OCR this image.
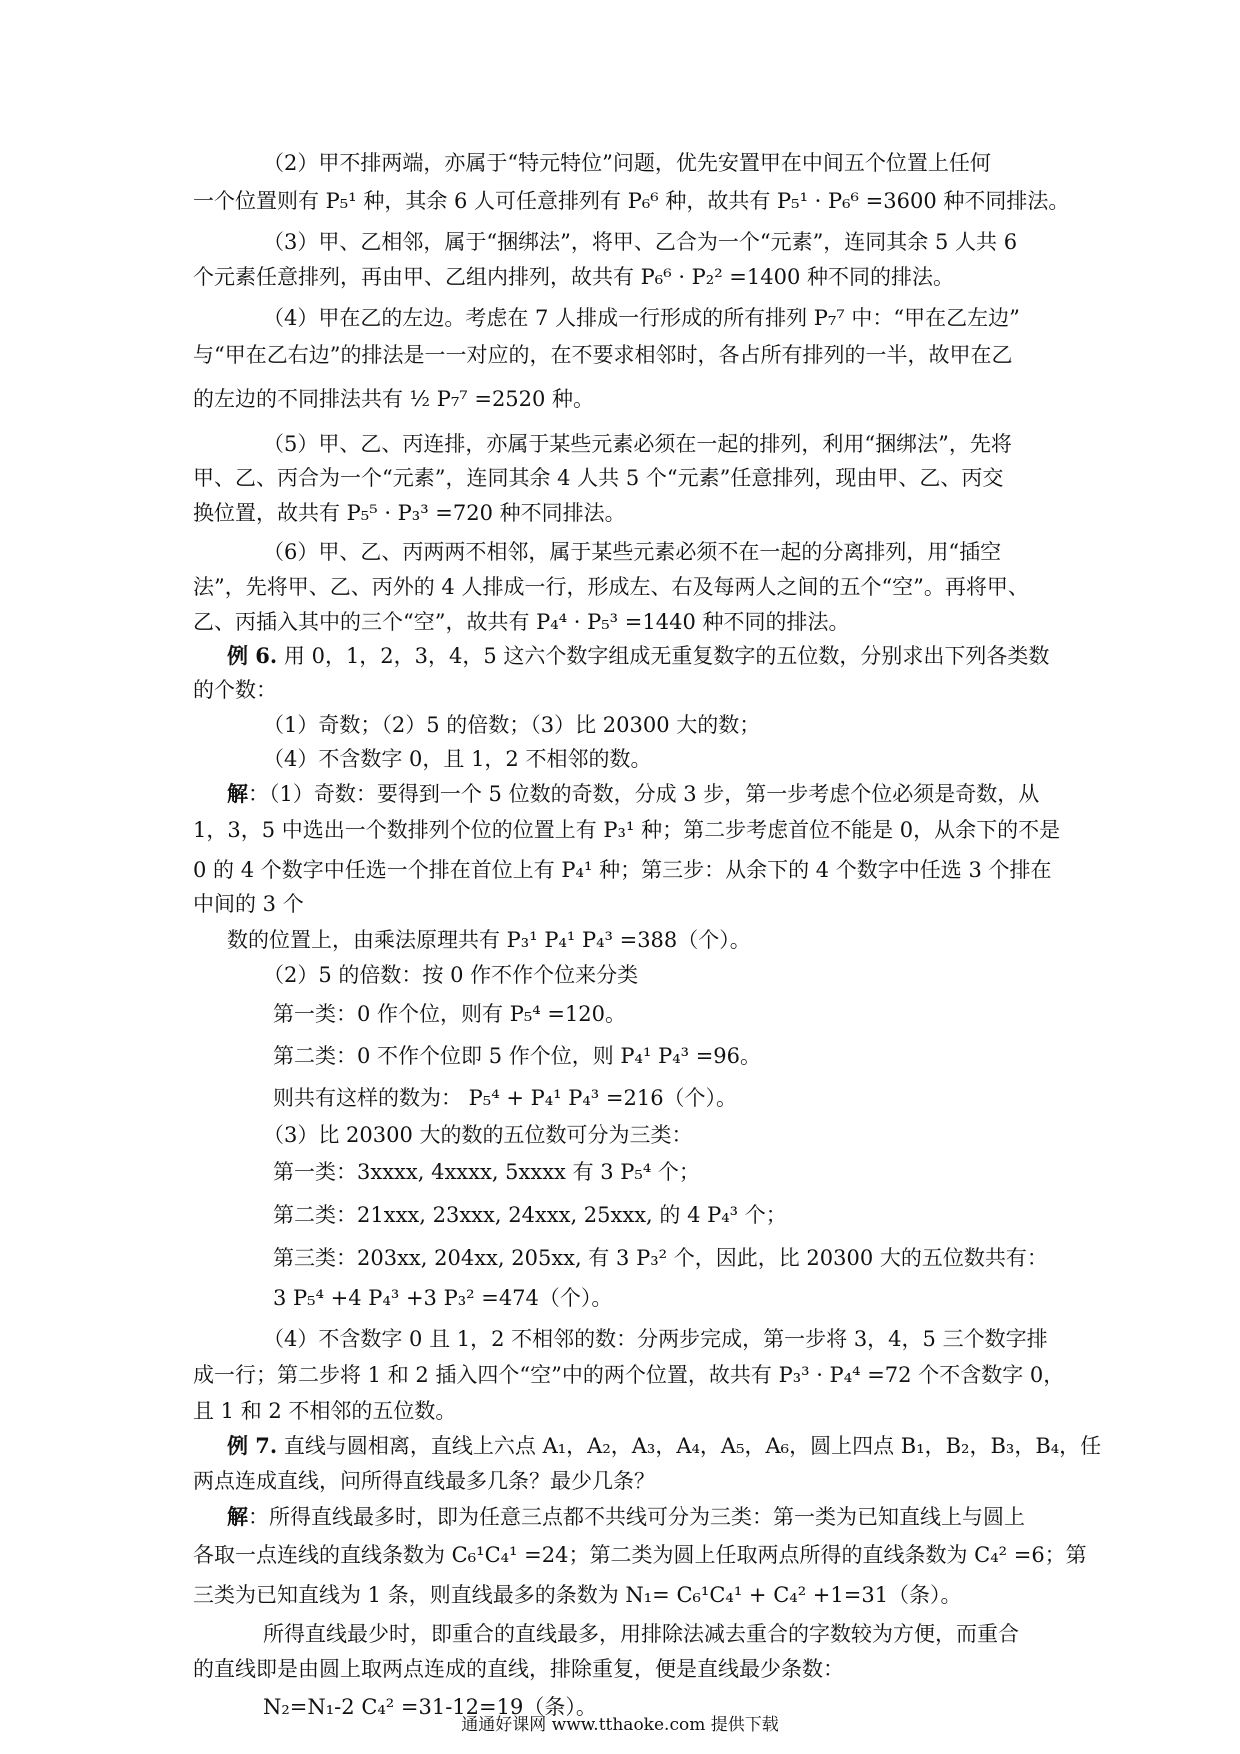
（2）甲不排两端，亦属于“特元特位”问题，优先安置甲在中间五个位置上任何
一个位置则有 P₅¹ 种，其余 6 人可任意排列有 P₆⁶ 种，故共有 P₅¹ · P₆⁶ =3600 种不同排法。
（3）甲、乙相邻，属于“捆绑法”，将甲、乙合为一个“元素”，连同其余 5 人共 6
个元素任意排列，再由甲、乙组内排列，故共有 P₆⁶ · P₂² =1400 种不同的排法。
（4）甲在乙的左边。考虑在 7 人排成一行形成的所有排列 P₇⁷ 中：“甲在乙左边”
与“甲在乙右边”的排法是一一对应的，在不要求相邻时，各占所有排列的一半，故甲在乙
的左边的不同排法共有 ½ P₇⁷ =2520 种。
（5）甲、乙、丙连排，亦属于某些元素必须在一起的排列，利用“捆绑法”，先将
甲、乙、丙合为一个“元素”，连同其余 4 人共 5 个“元素”任意排列，现由甲、乙、丙交
换位置，故共有 P₅⁵ · P₃³ =720 种不同排法。
（6）甲、乙、丙两两不相邻，属于某些元素必须不在一起的分离排列，用“插空
法”，先将甲、乙、丙外的 4 人排成一行，形成左、右及每两人之间的五个“空”。再将甲、
乙、丙插入其中的三个“空”，故共有 P₄⁴ · P₅³ =1440 种不同的排法。
例 6. 用 0，1，2，3，4，5 这六个数字组成无重复数字的五位数，分别求出下列各类数
的个数：
（1）奇数；（2）5 的倍数；（3）比 20300 大的数；
（4）不含数字 0，且 1，2 不相邻的数。
解：（1）奇数：要得到一个 5 位数的奇数，分成 3 步，第一步考虑个位必须是奇数，从
1，3，5 中选出一个数排列个位的位置上有 P₃¹ 种；第二步考虑首位不能是 0，从余下的不是
0 的 4 个数字中任选一个排在首位上有 P₄¹ 种；第三步：从余下的 4 个数字中任选 3 个排在
中间的 3 个
数的位置上，由乘法原理共有 P₃¹ P₄¹ P₄³ =388（个）。
（2）5 的倍数：按 0 作不作个位来分类
第一类：0 作个位，则有 P₅⁴ =120。
第二类：0 不作个位即 5 作个位，则 P₄¹ P₄³ =96。
则共有这样的数为： P₅⁴ + P₄¹ P₄³ =216（个）。
（3）比 20300 大的数的五位数可分为三类：
第一类：3xxxx, 4xxxx, 5xxxx 有 3 P₅⁴ 个；
第二类：21xxx, 23xxx, 24xxx, 25xxx, 的 4 P₄³ 个；
第三类：203xx, 204xx, 205xx, 有 3 P₃² 个，因此，比 20300 大的五位数共有：
3 P₅⁴ +4 P₄³ +3 P₃² =474（个）。
（4）不含数字 0 且 1，2 不相邻的数：分两步完成，第一步将 3，4，5 三个数字排
成一行；第二步将 1 和 2 插入四个“空”中的两个位置，故共有 P₃³ · P₄⁴ =72 个不含数字 0，
且 1 和 2 不相邻的五位数。
例 7. 直线与圆相离，直线上六点 A₁，A₂，A₃，A₄，A₅，A₆，圆上四点 B₁，B₂，B₃，B₄，任
两点连成直线，问所得直线最多几条？最少几条？
解：所得直线最多时，即为任意三点都不共线可分为三类：第一类为已知直线上与圆上
各取一点连线的直线条数为 C₆¹C₄¹ =24；第二类为圆上任取两点所得的直线条数为 C₄² =6；第
三类为已知直线为 1 条，则直线最多的条数为 N₁= C₆¹C₄¹ + C₄² +1=31（条）。
所得直线最少时，即重合的直线最多，用排除法减去重合的字数较为方便，而重合
的直线即是由圆上取两点连成的直线，排除重复，便是直线最少条数：
N₂=N₁-2 C₄² =31-12=19（条）。
通通好课网 www.tthaoke.com 提供下载
